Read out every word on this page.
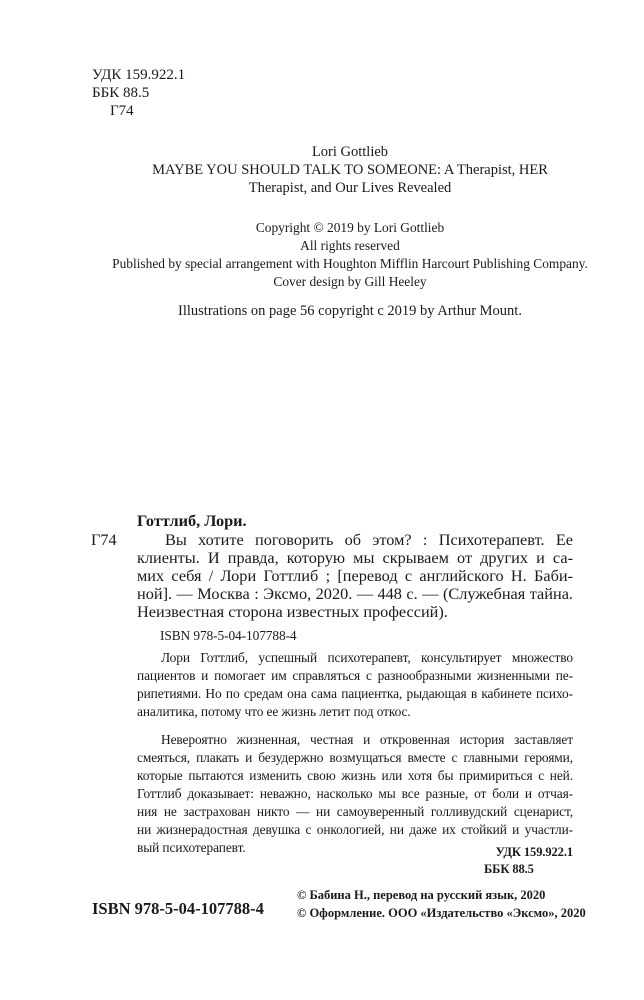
УДК 159.922.1
ББК 88.5
Г74
Lori Gottlieb
MAYBE YOU SHOULD TALK TO SOMEONE: A Therapist, HER
Therapist, and Our Lives Revealed
Copyright © 2019 by Lori Gottlieb
All rights reserved
Published by special arrangement with Houghton Mifflin Harcourt Publishing Company.
Cover design by Gill Heeley
Illustrations on page 56 copyright c 2019 by Arthur Mount.
Готтлиб, Лори.
Г74	Вы хотите поговорить об этом? : Психотерапевт. Ее
клиенты. И правда, которую мы скрываем от других и са-
мих себя / Лори Готтлиб ; [перевод с английского Н. Баби-
ной]. — Москва : Эксмо, 2020. — 448 с. — (Служебная тайна.
Неизвестная сторона известных профессий).
ISBN 978-5-04-107788-4
Лори Готтлиб, успешный психотерапевт, консультирует множество
пациентов и помогает им справляться с разнообразными жизненными пе-
рипетиями. Но по средам она сама пациентка, рыдающая в кабинете психо-
аналитика, потому что ее жизнь летит под откос.
Невероятно жизненная, честная и откровенная история заставляет
смеяться, плакать и безудержно возмущаться вместе с главными героями,
которые пытаются изменить свою жизнь или хотя бы примириться с ней.
Готтлиб доказывает: неважно, насколько мы все разные, от боли и отчая-
ния не застрахован никто — ни самоуверенный голливудский сценарист,
ни жизнерадостная девушка с онкологией, ни даже их стойкий и участли-
вый психотерапевт.	УДК 159.922.1
ББК 88.5
ISBN 978-5-04-107788-4
© Бабина Н., перевод на русский язык, 2020
© Оформление. ООО «Издательство «Эксмо», 2020
